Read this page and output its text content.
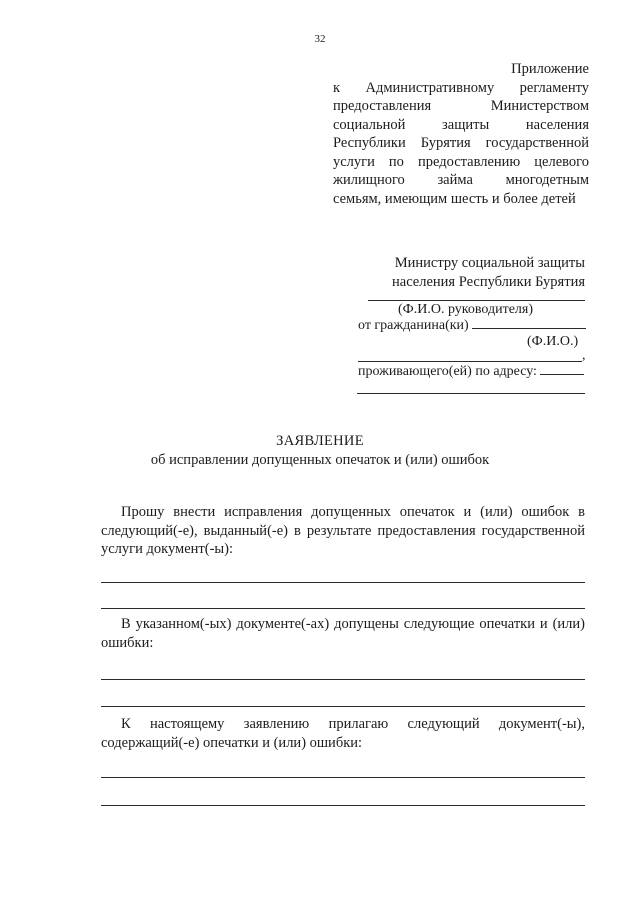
32
Приложение
к Административному регламенту
предоставления Министерством
социальной защиты населения
Республики Бурятия государственной
услуги по предоставлению целевого
жилищного займа многодетным
семьям, имеющим шесть и более детей
Министру социальной защиты
населения Республики Бурятия
(Ф.И.О. руководителя)
от гражданина(ки)
(Ф.И.О.)
,
проживающего(ей) по адресу:
ЗАЯВЛЕНИЕ
об исправлении допущенных опечаток и (или) ошибок
Прошу внести исправления допущенных опечаток и (или) ошибок в следующий(-е), выданный(-е) в результате предоставления государственной услуги документ(-ы):
В указанном(-ых) документе(-ах) допущены следующие опечатки и (или) ошибки:
К настоящему заявлению прилагаю следующий документ(-ы), содержащий(-е) опечатки и (или) ошибки:
